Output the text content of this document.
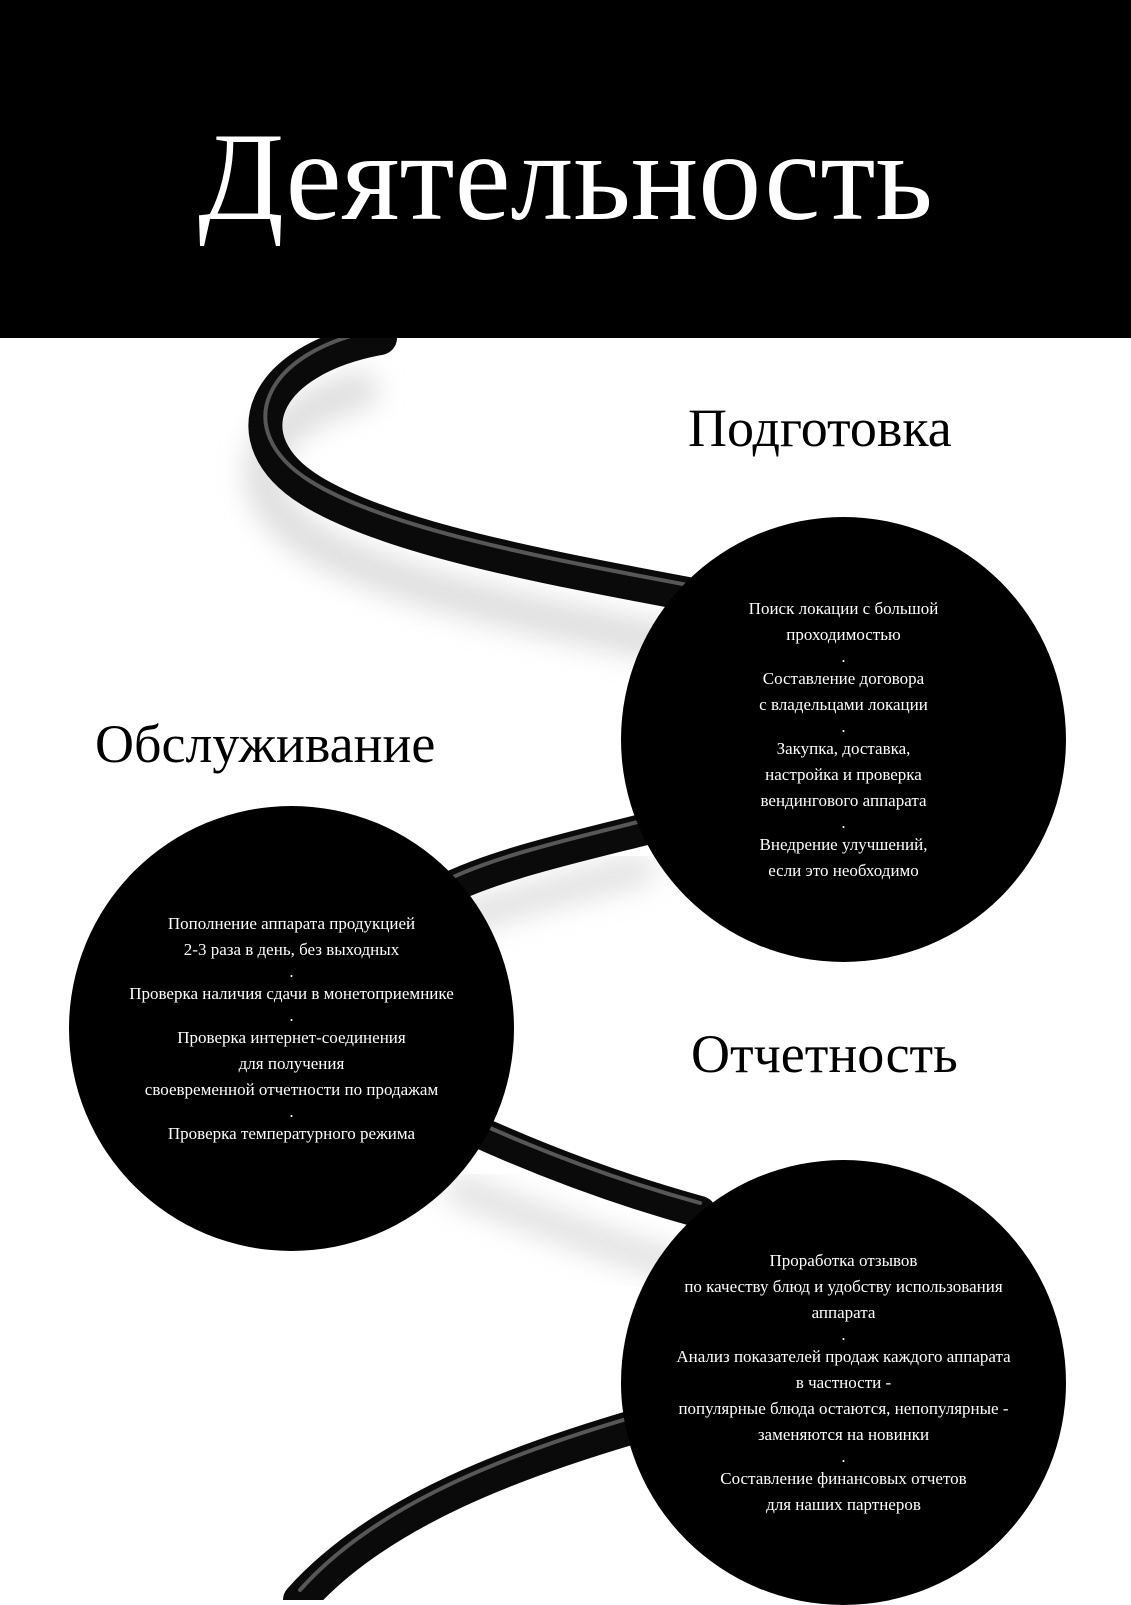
Деятельность
Подготовка
Обслуживание
Отчетность
Поиск локации с большой
проходимостью
.
Составление договора
с владельцами локации
.
Закупка, доставка,
настройка и проверка
вендингового аппарата
.
Внедрение улучшений,
если это необходимо
Пополнение аппарата продукцией
2-3 раза в день, без выходных
.
Проверка наличия сдачи в монетоприемнике
.
Проверка интернет-соединения
для получения
своевременной отчетности по продажам
.
Проверка температурного режима
Проработка отзывов
по качеству блюд и удобству использования
аппарата
.
Анализ показателей продаж каждого аппарата
в частности -
популярные блюда остаются, непопулярные -
заменяются на новинки
.
Составление финансовых отчетов
для наших партнеров
